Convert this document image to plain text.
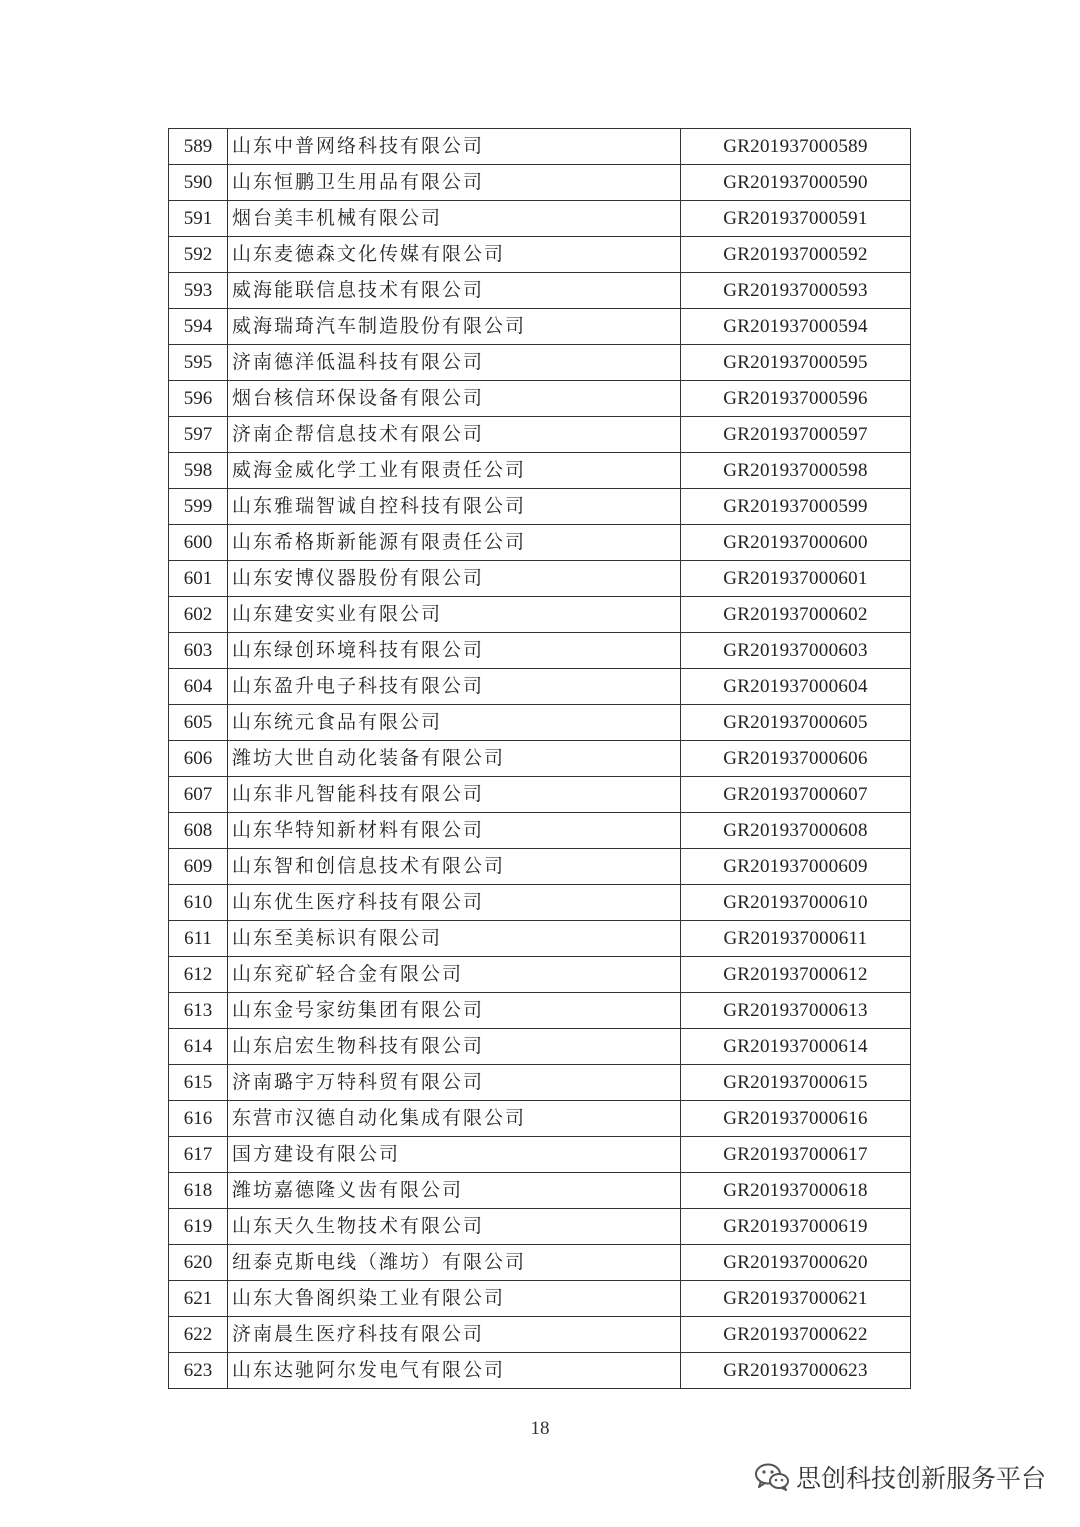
589	山东中普网络科技有限公司	GR201937000589
590	山东恒鹏卫生用品有限公司	GR201937000590
591	烟台美丰机械有限公司	GR201937000591
592	山东麦德森文化传媒有限公司	GR201937000592
593	威海能联信息技术有限公司	GR201937000593
594	威海瑞琦汽车制造股份有限公司	GR201937000594
595	济南德洋低温科技有限公司	GR201937000595
596	烟台核信环保设备有限公司	GR201937000596
597	济南企帮信息技术有限公司	GR201937000597
598	威海金威化学工业有限责任公司	GR201937000598
599	山东雅瑞智诚自控科技有限公司	GR201937000599
600	山东希格斯新能源有限责任公司	GR201937000600
601	山东安博仪器股份有限公司	GR201937000601
602	山东建安实业有限公司	GR201937000602
603	山东绿创环境科技有限公司	GR201937000603
604	山东盈升电子科技有限公司	GR201937000604
605	山东统元食品有限公司	GR201937000605
606	潍坊大世自动化装备有限公司	GR201937000606
607	山东非凡智能科技有限公司	GR201937000607
608	山东华特知新材料有限公司	GR201937000608
609	山东智和创信息技术有限公司	GR201937000609
610	山东优生医疗科技有限公司	GR201937000610
611	山东至美标识有限公司	GR201937000611
612	山东兖矿轻合金有限公司	GR201937000612
613	山东金号家纺集团有限公司	GR201937000613
614	山东启宏生物科技有限公司	GR201937000614
615	济南璐宇万特科贸有限公司	GR201937000615
616	东营市汉德自动化集成有限公司	GR201937000616
617	国方建设有限公司	GR201937000617
618	潍坊嘉德隆义齿有限公司	GR201937000618
619	山东天久生物技术有限公司	GR201937000619
620	纽泰克斯电线（潍坊）有限公司	GR201937000620
621	山东大鲁阁织染工业有限公司	GR201937000621
622	济南晨生医疗科技有限公司	GR201937000622
623	山东达驰阿尔发电气有限公司	GR201937000623
18
思创科技创新服务平台
